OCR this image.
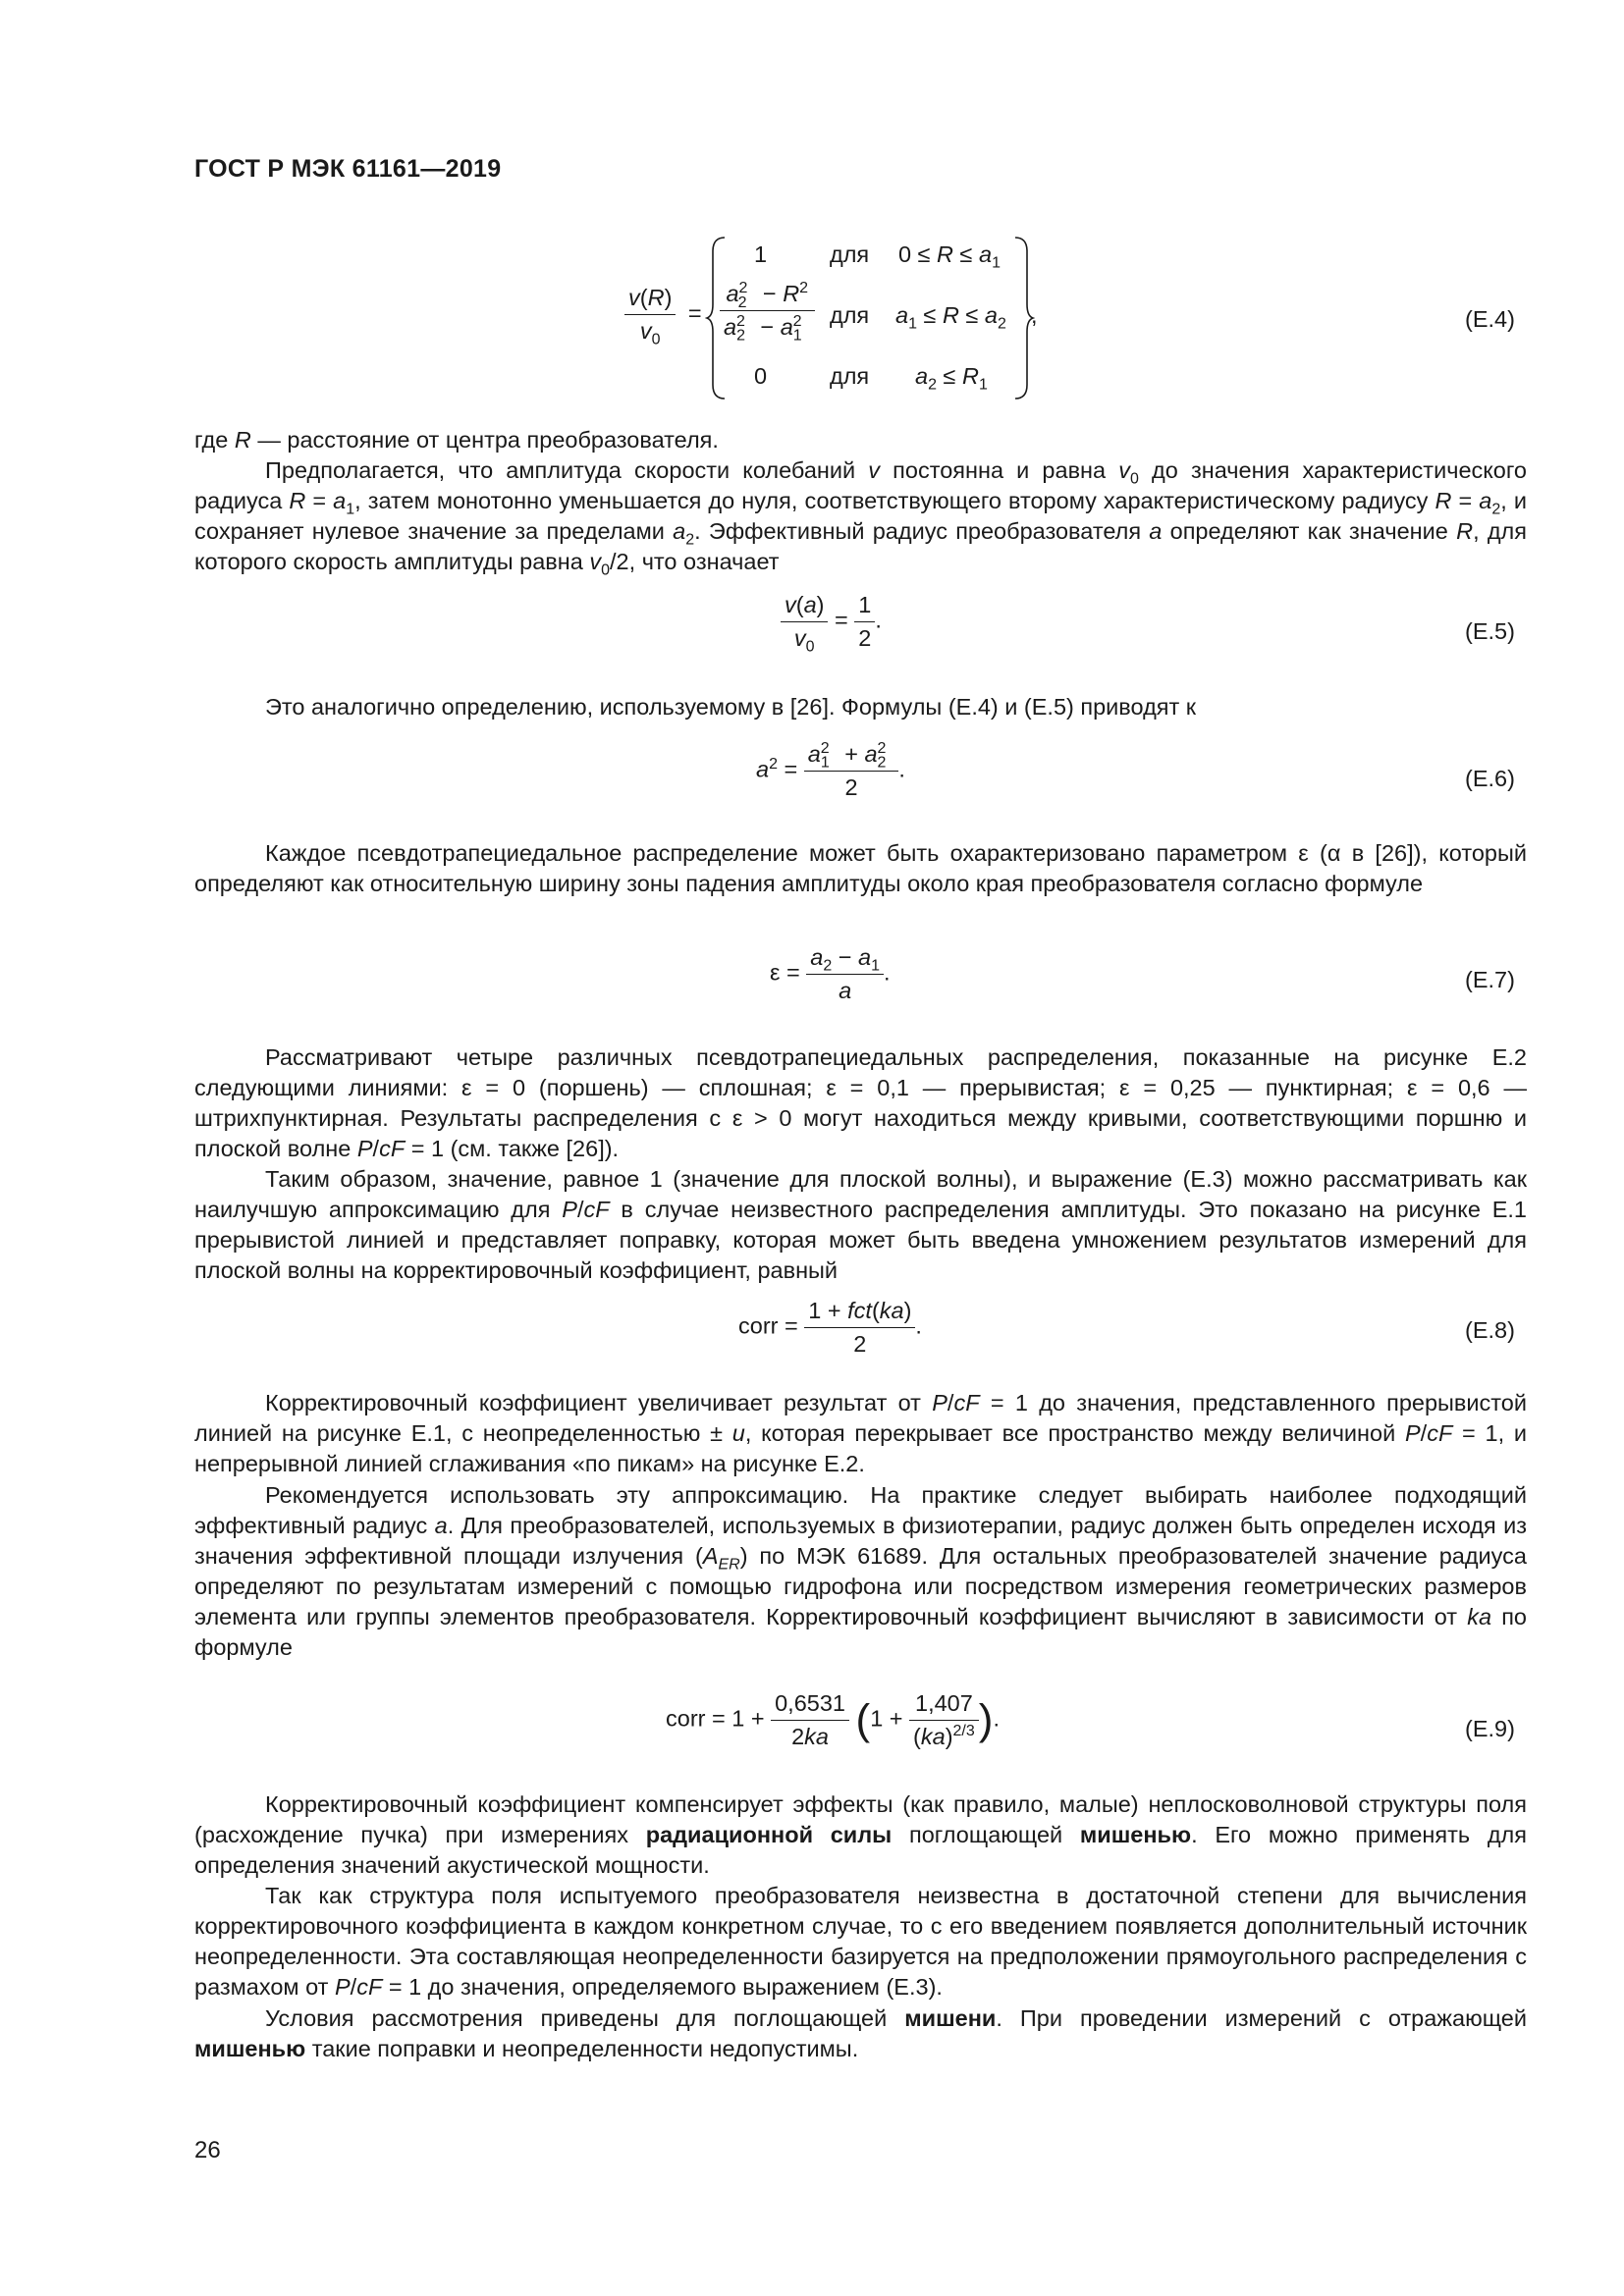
ГОСТ Р МЭК 61161—2019
$\frac{v(R)}{v_0}$ =
1	для $0 \le R \le a_1$
$\frac{a_2^2 - R^2}{a_2^2 - a_1^2}$ для $a_1 \le R \le a_2$
0	для $a_2 \le R_1$
,	(E.4)
где R — расстояние от центра преобразователя.
Предполагается, что амплитуда скорости колебаний v постоянна и равна $v_0$ до значения характеристического радиуса $R = a_1$, затем монотонно уменьшается до нуля, соответствующего второму характеристическому радиусу $R = a_2$, и сохраняет нулевое значение за пределами $a_2$. Эффективный радиус преобразователя a определяют как значение R, для которого скорость амплитуды равна $v_0/2$, что означает
$\frac{v(a)}{v_0} = \frac{1}{2}$ .	(E.5)
Это аналогично определению, используемому в [26]. Формулы (E.4) и (E.5) приводят к
$a^2 = \frac{a_1^2 + a_2^2}{2}$ .	(E.6)
Каждое псевдотрапециедальное распределение может быть охарактеризовано параметром ε (α в [26]), который определяют как относительную ширину зоны падения амплитуды около края преобразователя согласно формуле
$\varepsilon = \frac{a_2 - a_1}{a}$ .	(E.7)
Рассматривают четыре различных псевдотрапециедальных распределения, показанные на рисунке E.2 следующими линиями: ε = 0 (поршень) — сплошная; ε = 0,1 — прерывистая; ε = 0,25 — пунктирная; ε = 0,6 — штрихпунктирная. Результаты распределения с ε > 0 могут находиться между кривыми, соответствующими поршню и плоской волне P/cF = 1 (см. также [26]).
Таким образом, значение, равное 1 (значение для плоской волны), и выражение (E.3) можно рассматривать как наилучшую аппроксимацию для P/cF в случае неизвестного распределения амплитуды. Это показано на рисунке E.1 прерывистой линией и представляет поправку, которая может быть введена умножением результатов измерений для плоской волны на корректировочный коэффициент, равный
corr = $\frac{\text{1 + fct(ka)}}{2}$ .	(E.8)
Корректировочный коэффициент увеличивает результат от P/cF = 1 до значения, представленного прерывистой линией на рисунке E.1, с неопределенностью ± u, которая перекрывает все пространство между величиной P/cF = 1, и непрерывной линией сглаживания «по пикам» на рисунке E.2.
Рекомендуется использовать эту аппроксимацию. На практике следует выбирать наиболее подходящий эффективный радиус a. Для преобразователей, используемых в физиотерапии, радиус должен быть определен исходя из значения эффективной площади излучения $(A_{ER})$ по МЭК 61689. Для остальных преобразователей значение радиуса определяют по результатам измерений с помощью гидрофона или посредством измерения геометрических размеров элемента или группы элементов преобразователя. Корректировочный коэффициент вычисляют в зависимости от ka по формуле
corr = $1 + \frac{0,6531}{2ka} (1 + \frac{1,407}{(ka)^{2/3}}$ ).	(E.9)
Корректировочный коэффициент компенсирует эффекты (как правило, малые) неплосковолновой структуры поля (расхождение пучка) при измерениях радиационной силы поглощающей мишенью. Его можно применять для определения значений акустической мощности.
Так как структура поля испытуемого преобразователя неизвестна в достаточной степени для вычисления корректировочного коэффициента в каждом конкретном случае, то с его введением появляется дополнительный источник неопределенности. Эта составляющая неопределенности базируется на предположении прямоугольного распределения с размахом от P/cF = 1 до значения, определяемого выражением (E.3).
Условия рассмотрения приведены для поглощающей мишени. При проведении измерений с отражающей мишенью такие поправки и неопределенности недопустимы.
26
